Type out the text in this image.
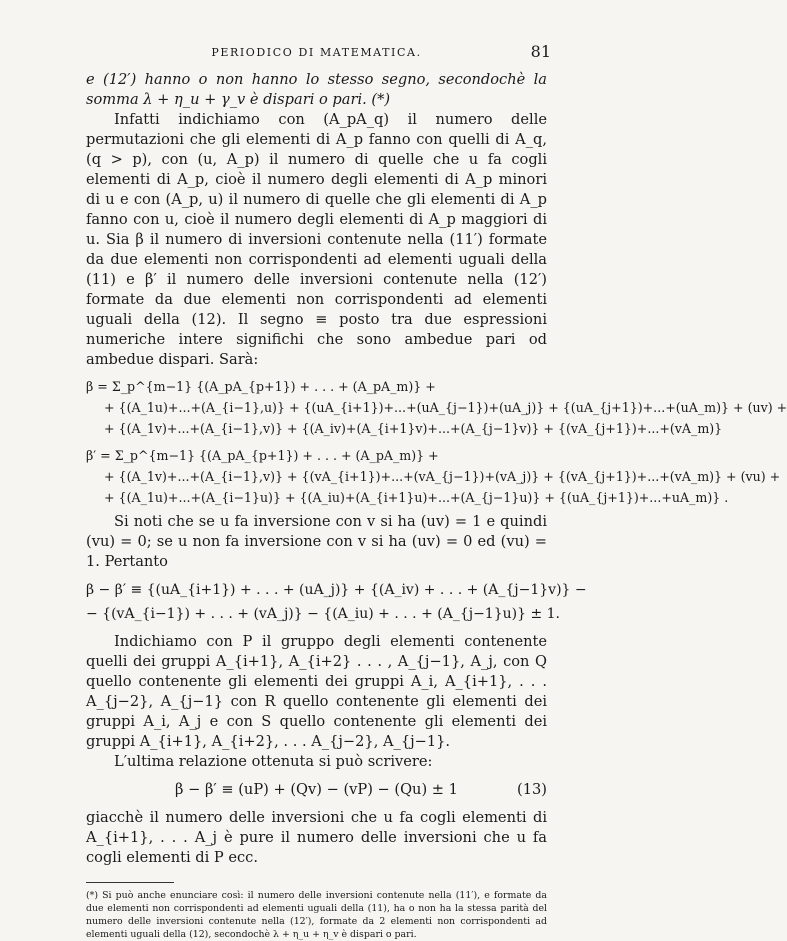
PERIODICO DI MATEMATICA.	81

e (12′) hanno o non hanno lo stesso segno, secondochè la somma λ + η_u + γ_v è dispari o pari. (*)

Infatti indichiamo con (A_pA_q) il numero delle permutazioni che gli elementi di A_p fanno con quelli di A_q, (q > p), con (u, A_p) il numero di quelle che u fa cogli elementi di A_p, cioè il numero degli elementi di A_p minori di u e con (A_p, u) il numero di quelle che gli elementi di A_p fanno con u, cioè il numero degli elementi di A_p maggiori di u. Sia β il numero di inversioni contenute nella (11′) formate da due elementi non corrispondenti ad elementi uguali della (11) e β′ il numero delle inversioni contenute nella (12′) formate da due elementi non corrispondenti ad elementi uguali della (12). Il segno ≡ posto tra due espressioni numeriche intere significhi che sono ambedue pari od ambedue dispari. Sarà:

β = Σ_p^{m−1} {(A_pA_{p+1}) + . . . + (A_pA_m)} +
+ {(A_1u)+...+(A_{i−1},u)} + {(uA_{i+1})+...+(uA_{j−1})+(uA_j)} + {(uA_{j+1})+...+(uA_m)} + (uv) +
+ {(A_1v)+...+(A_{i−1},v)} + {(A_iv)+(A_{i+1}v)+...+(A_{j−1}v)} + {(vA_{j+1})+...+(vA_m)}
β′ = Σ_p^{m−1} {(A_pA_{p+1}) + . . . + (A_pA_m)} +
+ {(A_1v)+...+(A_{i−1},v)} + {(vA_{i+1})+...+(vA_{j−1})+(vA_j)} + {(vA_{j+1})+...+(vA_m)} + (vu) +
+ {(A_1u)+...+(A_{i−1}u)} + {(A_iu)+(A_{i+1}u)+...+(A_{j−1}u)} + {(uA_{j+1})+...+uA_m)} .

Si noti che se u fa inversione con v si ha (uv) = 1 e quindi (vu) = 0; se u non fa inversione con v si ha (uv) = 0 ed (vu) = 1. Pertanto

β − β′ ≡ {(uA_{i+1}) + . . . + (uA_j)} + {(A_iv) + . . . + (A_{j−1}v)} −
− {(vA_{i−1}) + . . . + (vA_j)} − {(A_iu) + . . . + (A_{j−1}u)} ± 1.

Indichiamo con P il gruppo degli elementi contenente quelli dei gruppi A_{i+1}, A_{i+2} . . . , A_{j−1}, A_j, con Q quello contenente gli elementi dei gruppi A_i, A_{i+1}, . . . A_{j−2}, A_{j−1} con R quello contenente gli elementi dei gruppi A_i, A_j e con S quello contenente gli elementi dei gruppi A_{i+1}, A_{i+2}, . . . A_{j−2}, A_{j−1}.

L′ultima relazione ottenuta si può scrivere:

β − β′ ≡ (uP) + (Qv) − (vP) − (Qu) ± 1	(13)

giacchè il numero delle inversioni che u fa cogli elementi di A_{i+1}, . . . A_j è pure il numero delle inversioni che u fa cogli elementi di P ecc.

(*) Si può anche enunciare così: il numero delle inversioni contenute nella (11′), e formate da due elementi non corrispondenti ad elementi uguali della (11), ha o non ha la stessa parità del numero delle inversioni contenute nella (12′), formate da 2 elementi non corrispondenti ad elementi uguali della (12), secondochè λ + η_u + η_v è dispari o pari.
